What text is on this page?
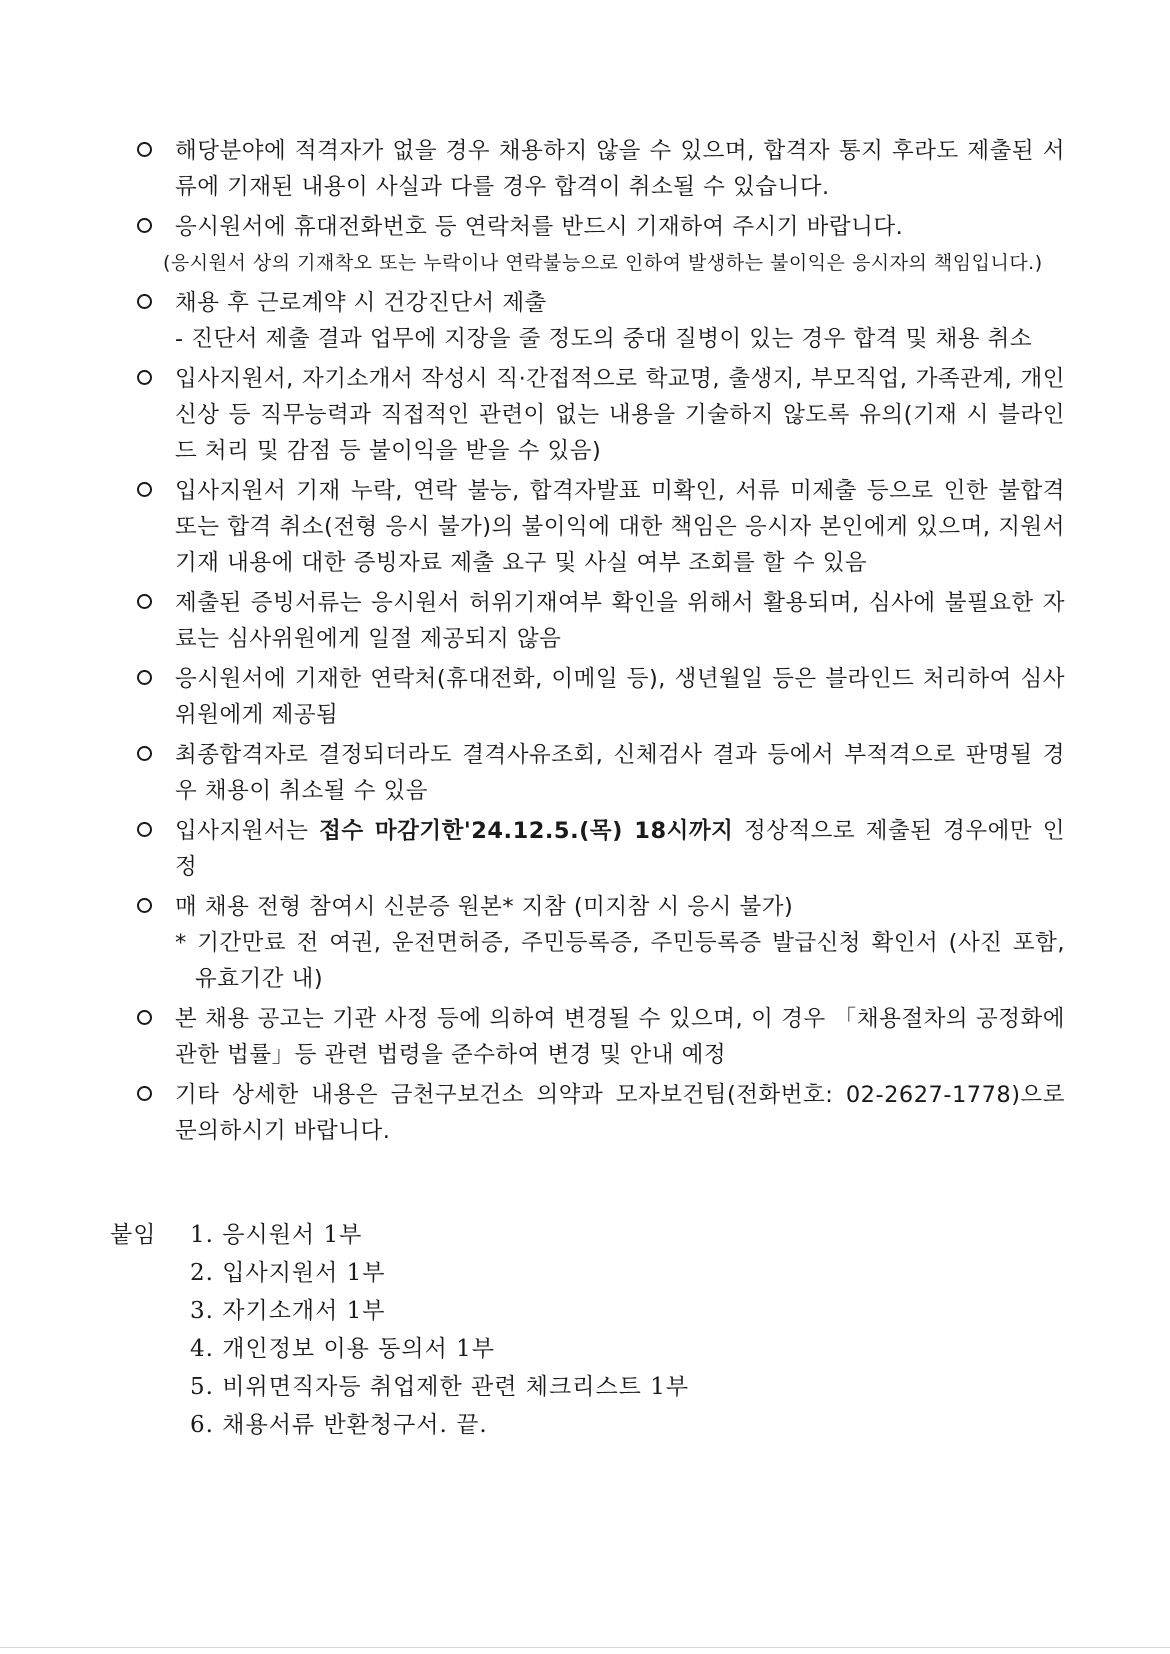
해당분야에 적격자가 없을 경우 채용하지 않을 수 있으며, 합격자 통지 후라도 제출된 서류에 기재된 내용이 사실과 다를 경우 합격이 취소될 수 있습니다.
응시원서에 휴대전화번호 등 연락처를 반드시 기재하여 주시기 바랍니다.
(응시원서 상의 기재착오 또는 누락이나 연락불능으로 인하여 발생하는 불이익은 응시자의 책임입니다.)
채용 후 근로계약 시 건강진단서 제출
- 진단서 제출 결과 업무에 지장을 줄 정도의 중대 질병이 있는 경우 합격 및 채용 취소
입사지원서, 자기소개서 작성시 직·간접적으로 학교명, 출생지, 부모직업, 가족관계, 개인신상 등 직무능력과 직접적인 관련이 없는 내용을 기술하지 않도록 유의(기재 시 블라인드 처리 및 감점 등 불이익을 받을 수 있음)
입사지원서 기재 누락, 연락 불능, 합격자발표 미확인, 서류 미제출 등으로 인한 불합격 또는 합격 취소(전형 응시 불가)의 불이익에 대한 책임은 응시자 본인에게 있으며, 지원서 기재 내용에 대한 증빙자료 제출 요구 및 사실 여부 조회를 할 수 있음
제출된 증빙서류는 응시원서 허위기재여부 확인을 위해서 활용되며, 심사에 불필요한 자료는 심사위원에게 일절 제공되지 않음
응시원서에 기재한 연락처(휴대전화, 이메일 등), 생년월일 등은 블라인드 처리하여 심사위원에게 제공됨
최종합격자로 결정되더라도 결격사유조회, 신체검사 결과 등에서 부적격으로 판명될 경우 채용이 취소될 수 있음
입사지원서는 접수 마감기한'24.12.5.(목) 18시까지 정상적으로 제출된 경우에만 인정
매 채용 전형 참여시 신분증 원본* 지참 (미지참 시 응시 불가)
* 기간만료 전 여권, 운전면허증, 주민등록증, 주민등록증 발급신청 확인서 (사진 포함, 유효기간 내)
본 채용 공고는 기관 사정 등에 의하여 변경될 수 있으며, 이 경우 「채용절차의 공정화에 관한 법률」등 관련 법령을 준수하여 변경 및 안내 예정
기타 상세한 내용은 금천구보건소 의약과 모자보건팀(전화번호: 02-2627-1778)으로 문의하시기 바랍니다.
붙임 1. 응시원서 1부
2. 입사지원서 1부
3. 자기소개서 1부
4. 개인정보 이용 동의서 1부
5. 비위면직자등 취업제한 관련 체크리스트 1부
6. 채용서류 반환청구서. 끝.
